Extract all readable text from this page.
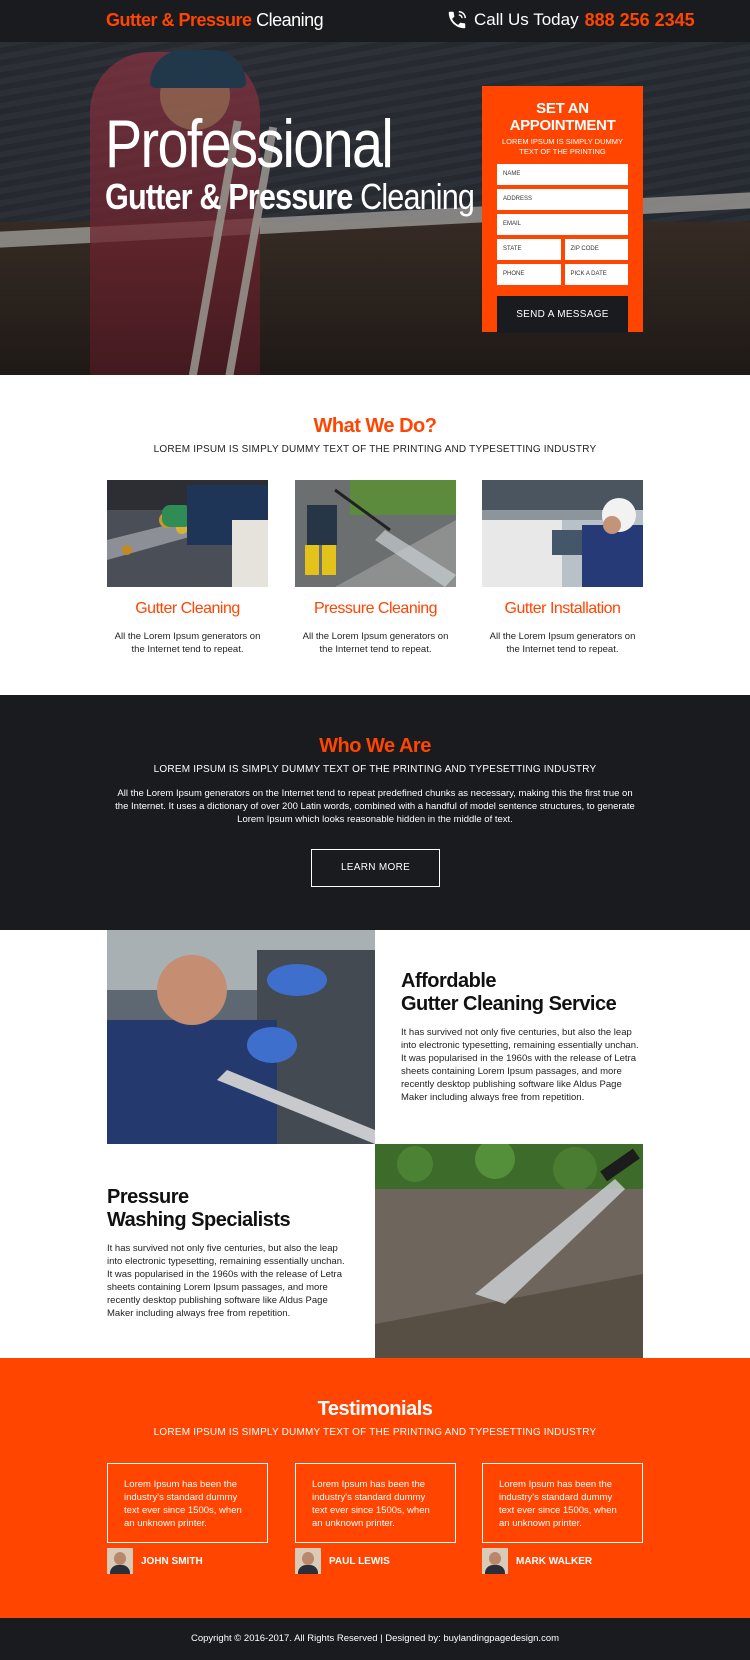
Gutter & Pressure Cleaning	Call Us Today 888 256 2345
Professional
Gutter & Pressure Cleaning
SET AN APPOINTMENT
LOREM IPSUM IS SIMPLY DUMMY TEXT OF THE PRINTING
NAME
ADDRESS
EMAIL
STATE	ZIP CODE
PHONE	PICK A DATE
SEND A MESSAGE
What We Do?
LOREM IPSUM IS SIMPLY DUMMY TEXT OF THE PRINTING AND TYPESETTING INDUSTRY
Gutter Cleaning	Pressure Cleaning	Gutter Installation
All the Lorem Ipsum generators on the Internet tend to repeat.
All the Lorem Ipsum generators on the Internet tend to repeat.
All the Lorem Ipsum generators on the Internet tend to repeat.
Who We Are
LOREM IPSUM IS SIMPLY DUMMY TEXT OF THE PRINTING AND TYPESETTING INDUSTRY
All the Lorem Ipsum generators on the Internet tend to repeat predefined chunks as necessary, making this the first true on the Internet. It uses a dictionary of over 200 Latin words, combined with a handful of model sentence structures, to generate Lorem Ipsum which looks reasonable hidden in the middle of text.
LEARN MORE
Affordable
Gutter Cleaning Service
It has survived not only five centuries, but also the leap into electronic typesetting, remaining essentially unchan. It was popularised in the 1960s with the release of Letra sheets containing Lorem Ipsum passages, and more recently desktop publishing software like Aldus Page Maker including always free from repetition.
Pressure
Washing Specialists
It has survived not only five centuries, but also the leap into electronic typesetting, remaining essentially unchan. It was popularised in the 1960s with the release of Letra sheets containing Lorem Ipsum passages, and more recently desktop publishing software like Aldus Page Maker including always free from repetition.
Testimonials
LOREM IPSUM IS SIMPLY DUMMY TEXT OF THE PRINTING AND TYPESETTING INDUSTRY
Lorem Ipsum has been the industry's standard dummy text ever since 1500s, when an unknown printer.
Lorem Ipsum has been the industry's standard dummy text ever since 1500s, when an unknown printer.
Lorem Ipsum has been the industry's standard dummy text ever since 1500s, when an unknown printer.
JOHN SMITH	PAUL LEWIS	MARK WALKER
Copyright © 2016-2017. All Rights Reserved | Designed by: buylandingpagedesign.com
